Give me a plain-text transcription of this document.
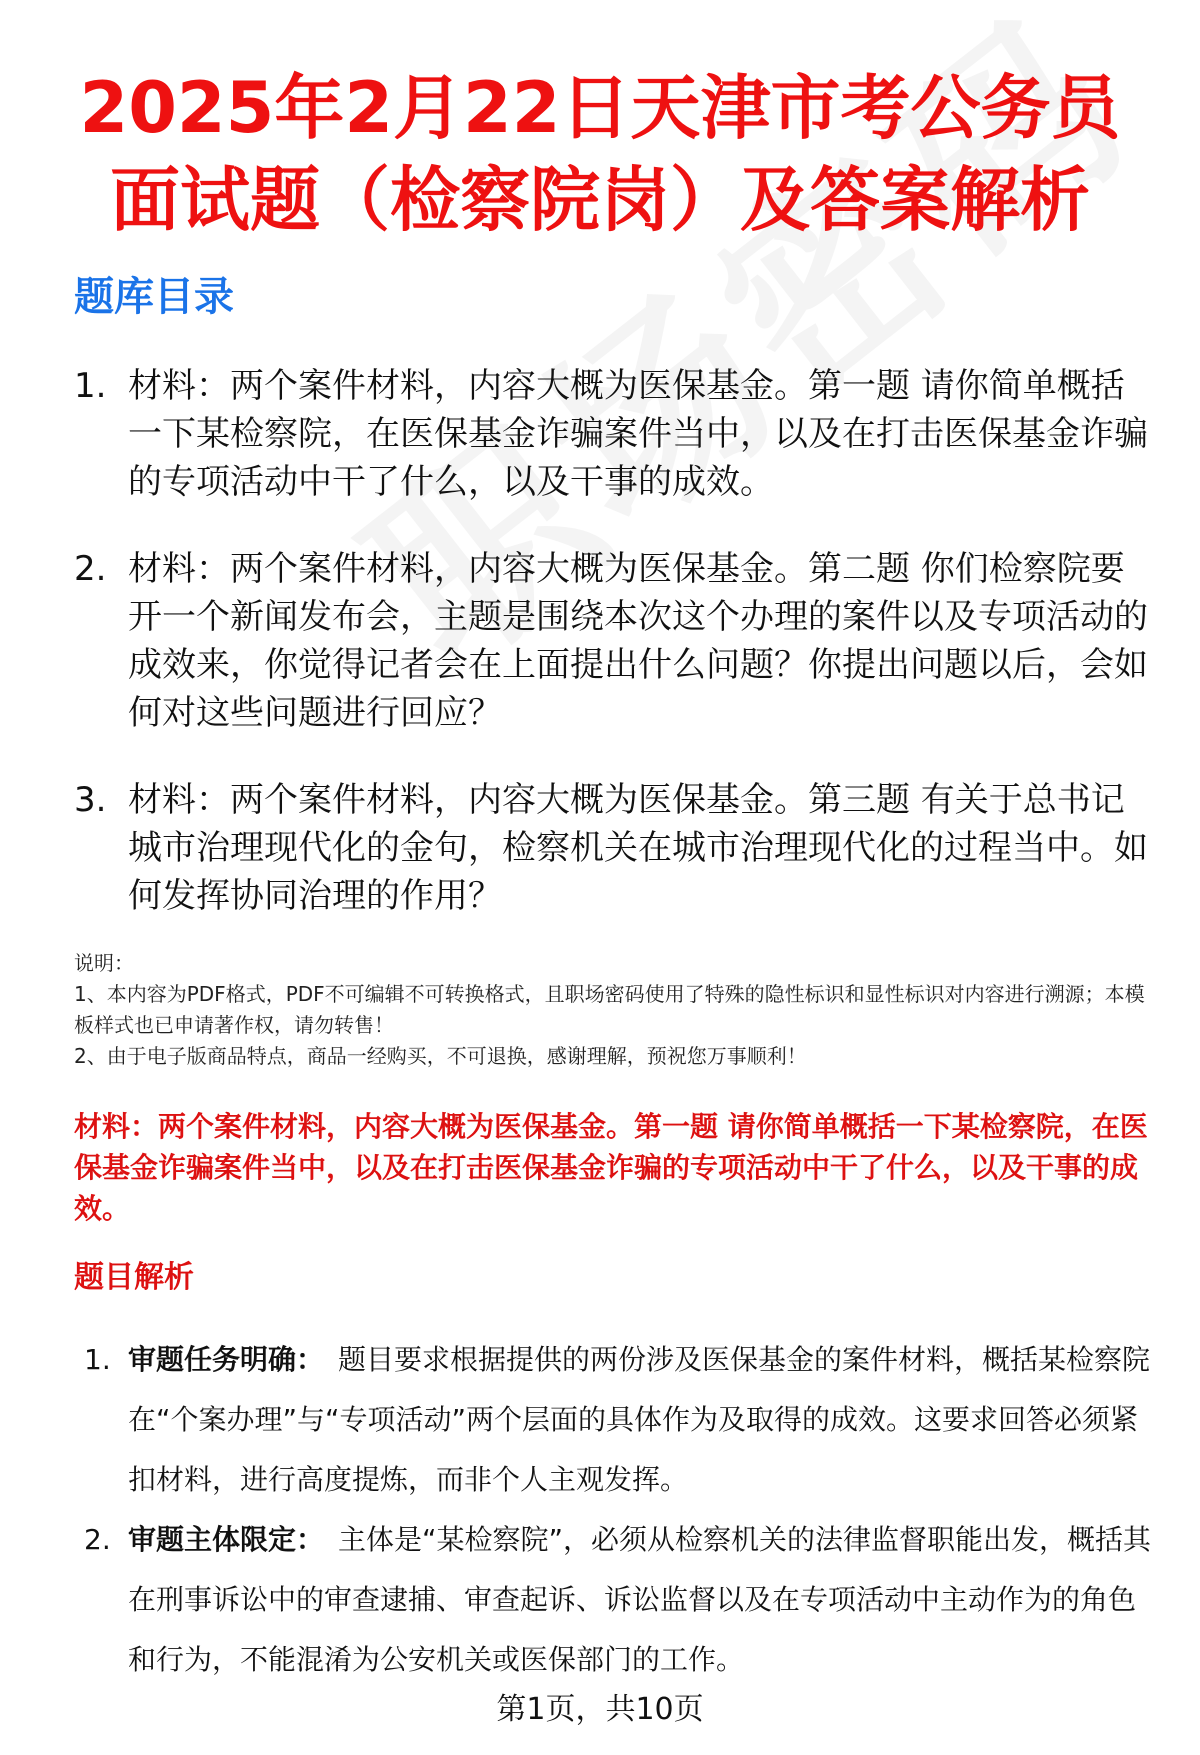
2025年2月22日天津市考公务员面试题（检察院岗）及答案解析
题库目录
1. 材料：两个案件材料，内容大概为医保基金。第一题 请你简单概括一下某检察院，在医保基金诈骗案件当中，以及在打击医保基金诈骗的专项活动中干了什么，以及干事的成效。
2. 材料：两个案件材料，内容大概为医保基金。第二题 你们检察院要开一个新闻发布会，主题是围绕本次这个办理的案件以及专项活动的成效来，你觉得记者会在上面提出什么问题？你提出问题以后，会如何对这些问题进行回应？
3. 材料：两个案件材料，内容大概为医保基金。第三题 有关于总书记城市治理现代化的金句，检察机关在城市治理现代化的过程当中。如何发挥协同治理的作用？
说明：
1、本内容为PDF格式，PDF不可编辑不可转换格式，且职场密码使用了特殊的隐性标识和显性标识对内容进行溯源；本模板样式也已申请著作权，请勿转售！
2、由于电子版商品特点，商品一经购买，不可退换，感谢理解，预祝您万事顺利！
材料：两个案件材料，内容大概为医保基金。第一题 请你简单概括一下某检察院，在医保基金诈骗案件当中，以及在打击医保基金诈骗的专项活动中干了什么，以及干事的成效。
题目解析
1. 审题任务明确： 题目要求根据提供的两份涉及医保基金的案件材料，概括某检察院在“个案办理”与“专项活动”两个层面的具体作为及取得的成效。这要求回答必须紧扣材料，进行高度提炼，而非个人主观发挥。
2. 审题主体限定： 主体是“某检察院”，必须从检察机关的法律监督职能出发，概括其在刑事诉讼中的审查逮捕、审查起诉、诉讼监督以及在专项活动中主动作为的角色和行为，不能混淆为公安机关或医保部门的工作。
第1页，共10页
